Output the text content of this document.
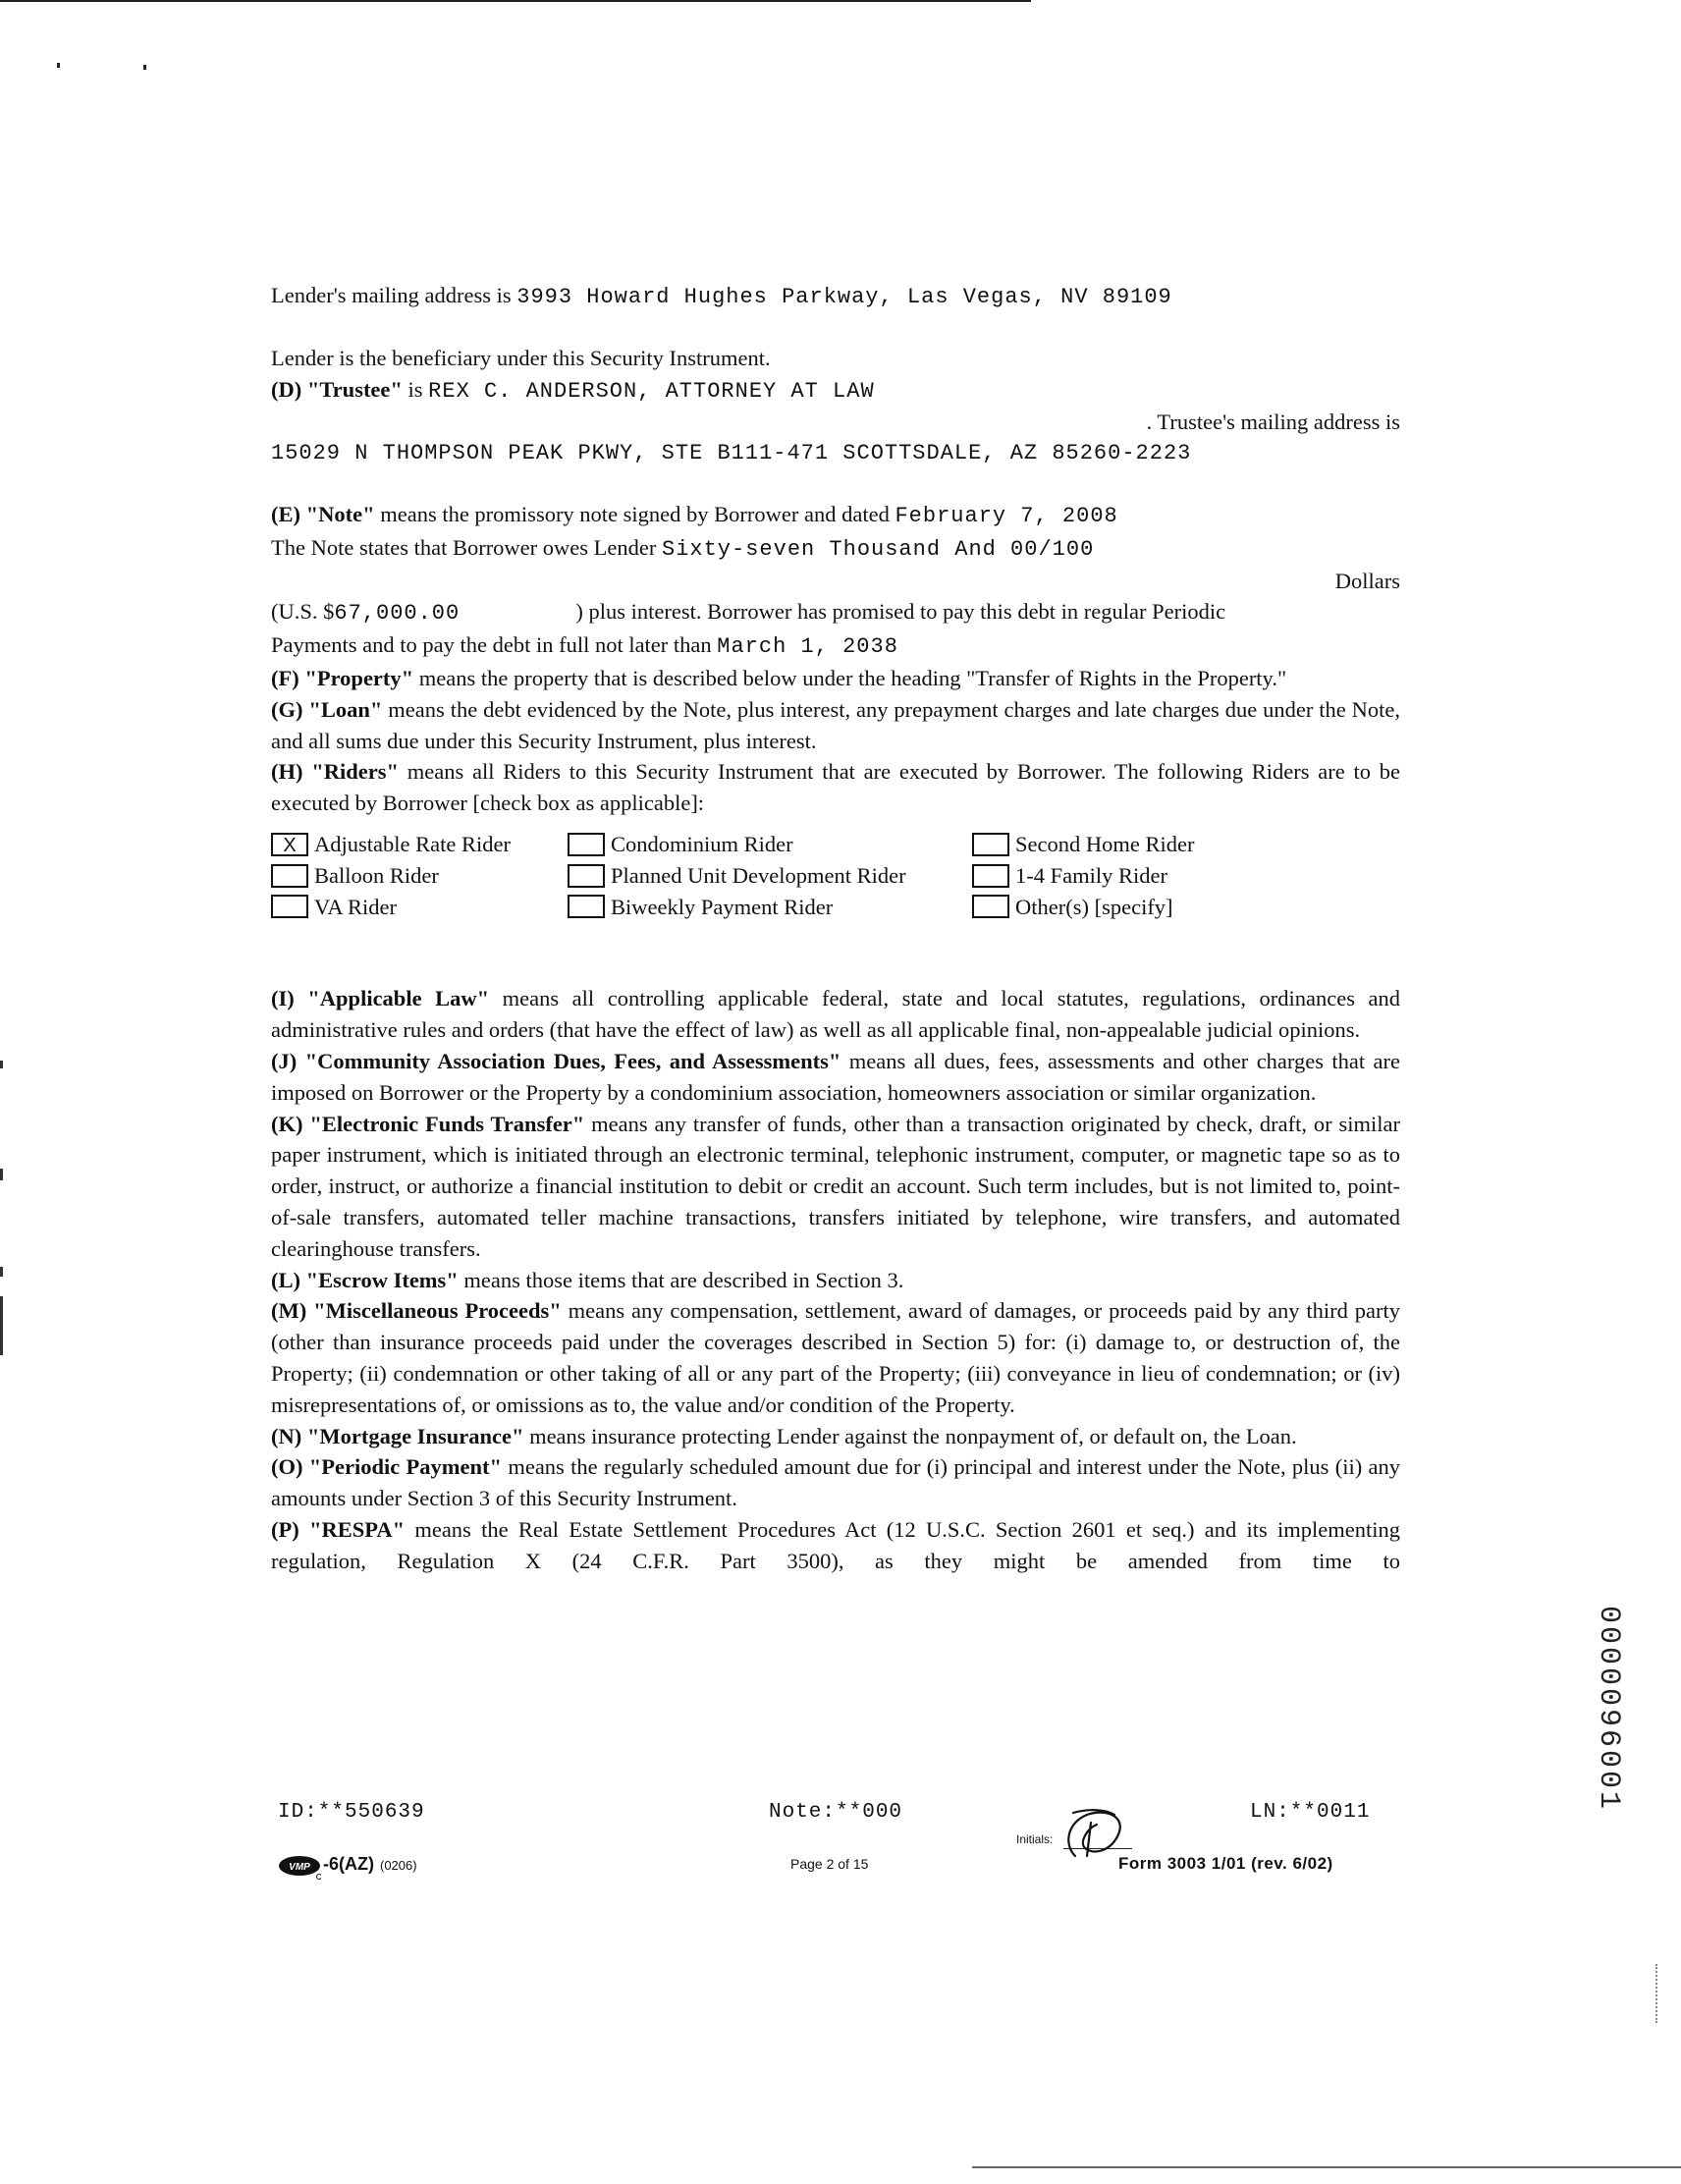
Lender's mailing address is 3993 Howard Hughes Parkway, Las Vegas, NV 89109
Lender is the beneficiary under this Security Instrument.
(D) "Trustee" is REX C. ANDERSON, ATTORNEY AT LAW
. Trustee's mailing address is
15029 N THOMPSON PEAK PKWY, STE B111-471 SCOTTSDALE, AZ 85260-2223
(E) "Note" means the promissory note signed by Borrower and dated February 7, 2008
The Note states that Borrower owes Lender Sixty-seven Thousand And 00/100
Dollars
(U.S. $67,000.00	) plus interest. Borrower has promised to pay this debt in regular Periodic
Payments and to pay the debt in full not later than March 1, 2038
(F) "Property" means the property that is described below under the heading "Transfer of Rights in the Property."
(G) "Loan" means the debt evidenced by the Note, plus interest, any prepayment charges and late charges due under the Note, and all sums due under this Security Instrument, plus interest.
(H) "Riders" means all Riders to this Security Instrument that are executed by Borrower. The following Riders are to be executed by Borrower [check box as applicable]:
X Adjustable Rate Rider	Condominium Rider	Second Home Rider
Balloon Rider	Planned Unit Development Rider	1-4 Family Rider
VA Rider	Biweekly Payment Rider	Other(s) [specify]
(I) "Applicable Law" means all controlling applicable federal, state and local statutes, regulations, ordinances and administrative rules and orders (that have the effect of law) as well as all applicable final, non-appealable judicial opinions.
(J) "Community Association Dues, Fees, and Assessments" means all dues, fees, assessments and other charges that are imposed on Borrower or the Property by a condominium association, homeowners association or similar organization.
(K) "Electronic Funds Transfer" means any transfer of funds, other than a transaction originated by check, draft, or similar paper instrument, which is initiated through an electronic terminal, telephonic instrument, computer, or magnetic tape so as to order, instruct, or authorize a financial institution to debit or credit an account. Such term includes, but is not limited to, point-of-sale transfers, automated teller machine transactions, transfers initiated by telephone, wire transfers, and automated clearinghouse transfers.
(L) "Escrow Items" means those items that are described in Section 3.
(M) "Miscellaneous Proceeds" means any compensation, settlement, award of damages, or proceeds paid by any third party (other than insurance proceeds paid under the coverages described in Section 5) for: (i) damage to, or destruction of, the Property; (ii) condemnation or other taking of all or any part of the Property; (iii) conveyance in lieu of condemnation; or (iv) misrepresentations of, or omissions as to, the value and/or condition of the Property.
(N) "Mortgage Insurance" means insurance protecting Lender against the nonpayment of, or default on, the Loan.
(O) "Periodic Payment" means the regularly scheduled amount due for (i) principal and interest under the Note, plus (ii) any amounts under Section 3 of this Security Instrument.
(P) "RESPA" means the Real Estate Settlement Procedures Act (12 U.S.C. Section 2601 et seq.) and its implementing regulation, Regulation X (24 C.F.R. Part 3500), as they might be amended from time to
ID:**550639	Note:**000	LN:**0011
VMP -6(AZ) (0206)	Page 2 of 15
Initials:
Form 3003 1/01 (rev. 6/02)
0000096001
